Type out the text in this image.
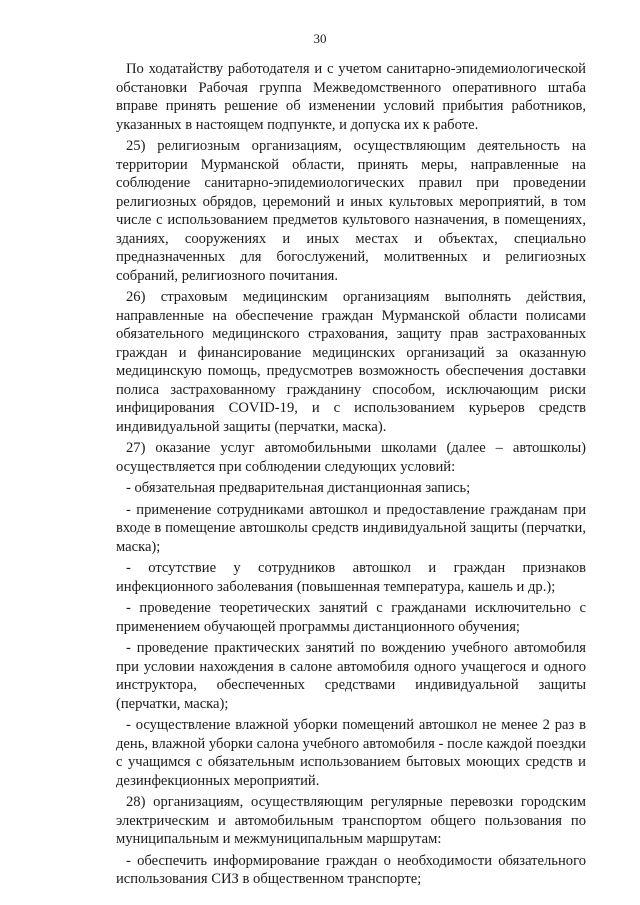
30

По ходатайству работодателя и с учетом санитарно-эпидемиологической обстановки Рабочая группа Межведомственного оперативного штаба вправе принять решение об изменении условий прибытия работников, указанных в настоящем подпункте, и допуска их к работе.

25) религиозным организациям, осуществляющим деятельность на территории Мурманской области, принять меры, направленные на соблюдение санитарно-эпидемиологических правил при проведении религиозных обрядов, церемоний и иных культовых мероприятий, в том числе с использованием предметов культового назначения, в помещениях, зданиях, сооружениях и иных местах и объектах, специально предназначенных для богослужений, молитвенных и религиозных собраний, религиозного почитания.

26) страховым медицинским организациям выполнять действия, направленные на обеспечение граждан Мурманской области полисами обязательного медицинского страхования, защиту прав застрахованных граждан и финансирование медицинских организаций за оказанную медицинскую помощь, предусмотрев возможность обеспечения доставки полиса застрахованному гражданину способом, исключающим риски инфицирования COVID-19, и с использованием курьеров средств индивидуальной защиты (перчатки, маска).

27) оказание услуг автомобильными школами (далее – автошколы) осуществляется при соблюдении следующих условий:

- обязательная предварительная дистанционная запись;

- применение сотрудниками автошкол и предоставление гражданам при входе в помещение автошколы средств индивидуальной защиты (перчатки, маска);

- отсутствие у сотрудников автошкол и граждан признаков инфекционного заболевания (повышенная температура, кашель и др.);

- проведение теоретических занятий с гражданами исключительно с применением обучающей программы дистанционного обучения;

- проведение практических занятий по вождению учебного автомобиля при условии нахождения в салоне автомобиля одного учащегося и одного инструктора, обеспеченных средствами индивидуальной защиты (перчатки, маска);

- осуществление влажной уборки помещений автошкол не менее 2 раз в день, влажной уборки салона учебного автомобиля - после каждой поездки с учащимся с обязательным использованием бытовых моющих средств и дезинфекционных мероприятий.

28) организациям, осуществляющим регулярные перевозки городским электрическим и автомобильным транспортом общего пользования по муниципальным и межмуниципальным маршрутам:

- обеспечить информирование граждан о необходимости обязательного использования СИЗ в общественном транспорте;
